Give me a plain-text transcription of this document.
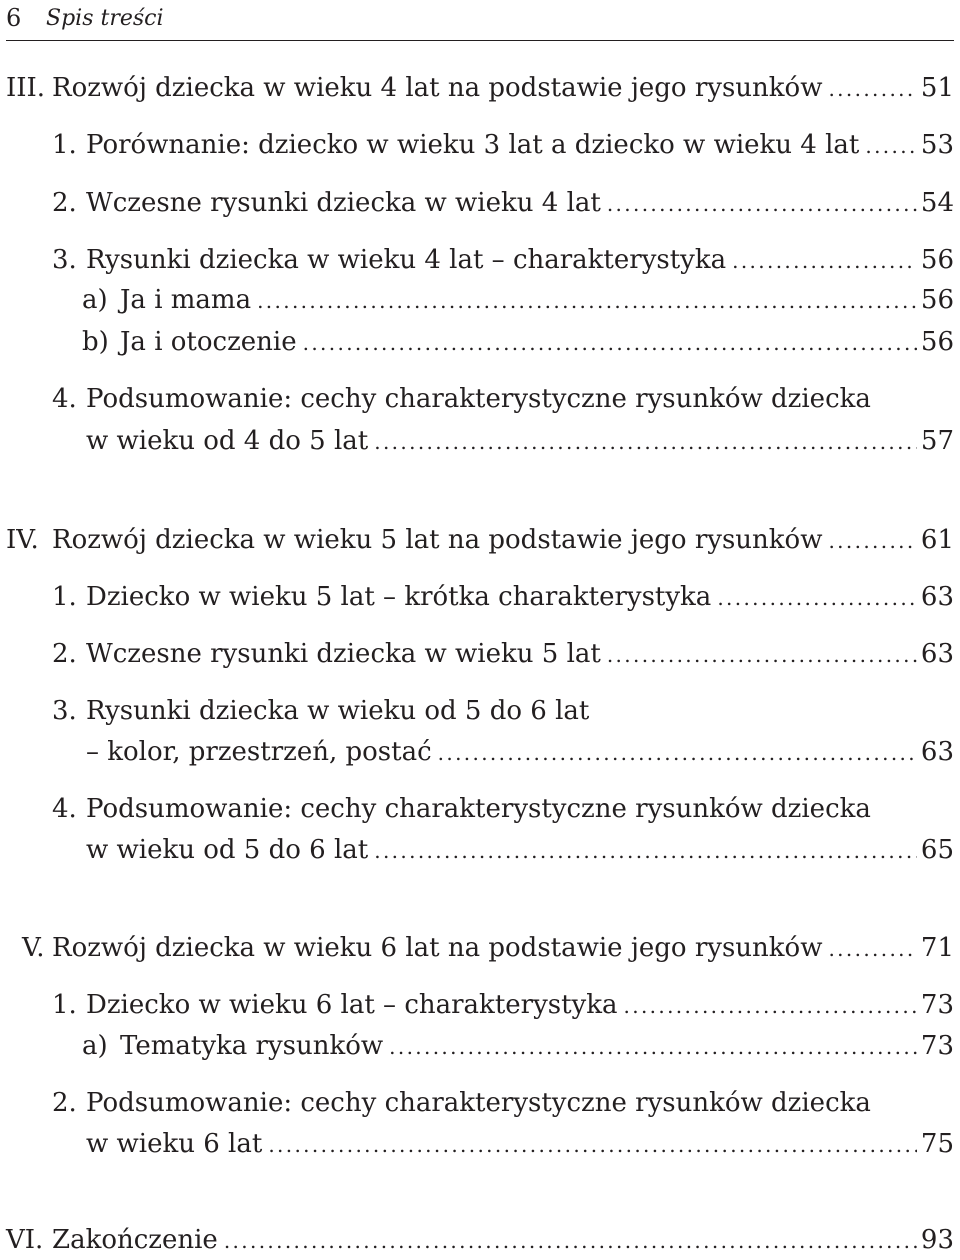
6 Spis treści
III. Rozwój dziecka w wieku 4 lat na podstawie jego rysunków . . .	51
1. Porównanie: dziecko w wieku 3 lat a dziecko w wieku 4 lat . . . 53
2. Wczesne rysunki dziecka w wieku 4 lat . . .	54
3. Rysunki dziecka w wieku 4 lat – charakterystyka . . .	56
a) Ja i mama . . .	56
b) Ja i otoczenie . . .	56
4. Podsumowanie: cechy charakterystyczne rysunków dziecka
w wieku od 4 do 5 lat . . .	57
IV. Rozwój dziecka w wieku 5 lat na podstawie jego rysunków . . .	61
1. Dziecko w wieku 5 lat – krótka charakterystyka . . .	63
2. Wczesne rysunki dziecka w wieku 5 lat . . .	63
3. Rysunki dziecka w wieku od 5 do 6 lat
– kolor, przestrzeń, postać . . .	63
4. Podsumowanie: cechy charakterystyczne rysunków dziecka
w wieku od 5 do 6 lat . . .	65
V. Rozwój dziecka w wieku 6 lat na podstawie jego rysunków . . .	71
1. Dziecko w wieku 6 lat – charakterystyka . . .	73
a) Tematyka rysunków . . .	73
2. Podsumowanie: cechy charakterystyczne rysunków dziecka
w wieku 6 lat . . .	75
VI. Zakończenie . . .	93
